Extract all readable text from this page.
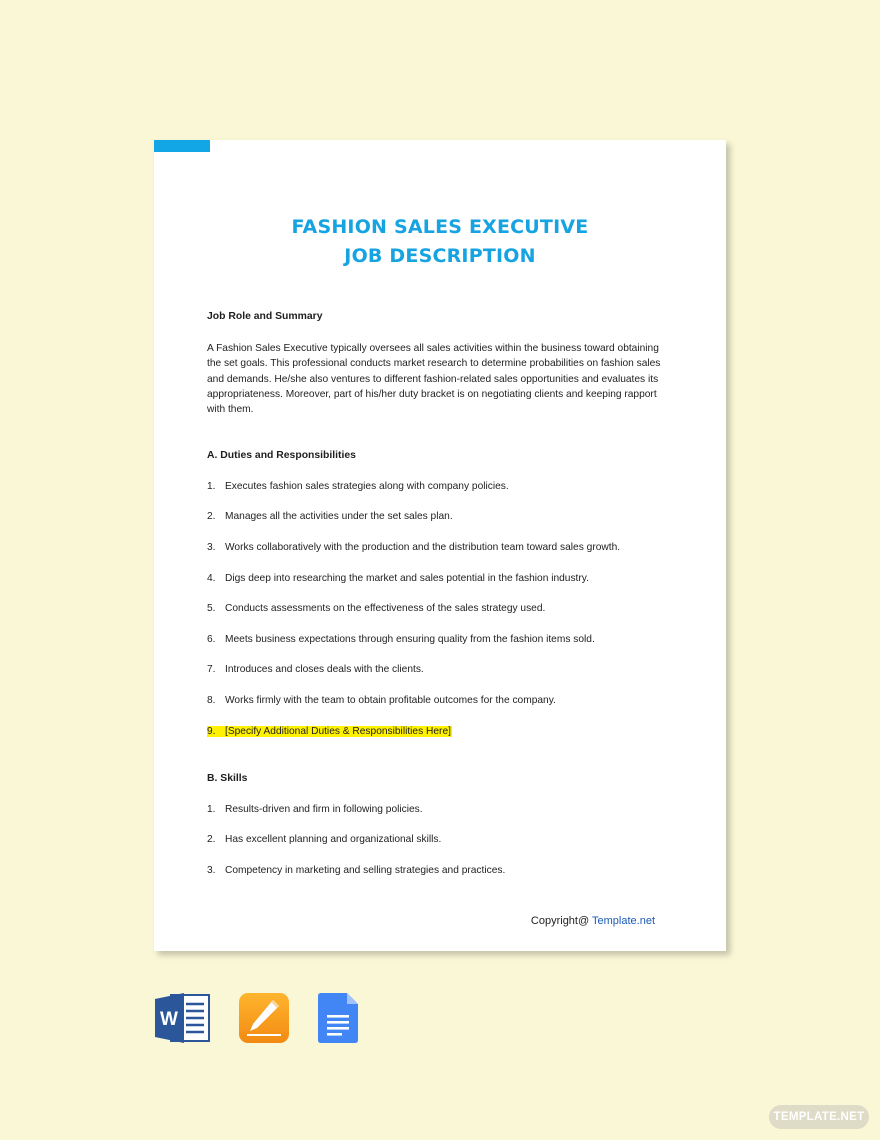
FASHION SALES EXECUTIVE
JOB DESCRIPTION
Job Role and Summary
A Fashion Sales Executive typically oversees all sales activities within the business toward obtaining the set goals. This professional conducts market research to determine probabilities on fashion sales and demands. He/she also ventures to different fashion-related sales opportunities and evaluates its appropriateness. Moreover, part of his/her duty bracket is on negotiating clients and keeping rapport with them.
A. Duties and Responsibilities
1. Executes fashion sales strategies along with company policies.
2. Manages all the activities under the set sales plan.
3. Works collaboratively with the production and the distribution team toward sales growth.
4. Digs deep into researching the market and sales potential in the fashion industry.
5. Conducts assessments on the effectiveness of the sales strategy used.
6. Meets business expectations through ensuring quality from the fashion items sold.
7. Introduces and closes deals with the clients.
8. Works firmly with the team to obtain profitable outcomes for the company.
9. [Specify Additional Duties & Responsibilities Here]
B. Skills
1. Results-driven and firm in following policies.
2. Has excellent planning and organizational skills.
3. Competency in marketing and selling strategies and practices.
Copyright@ Template.net
W
TEMPLATE.NET
